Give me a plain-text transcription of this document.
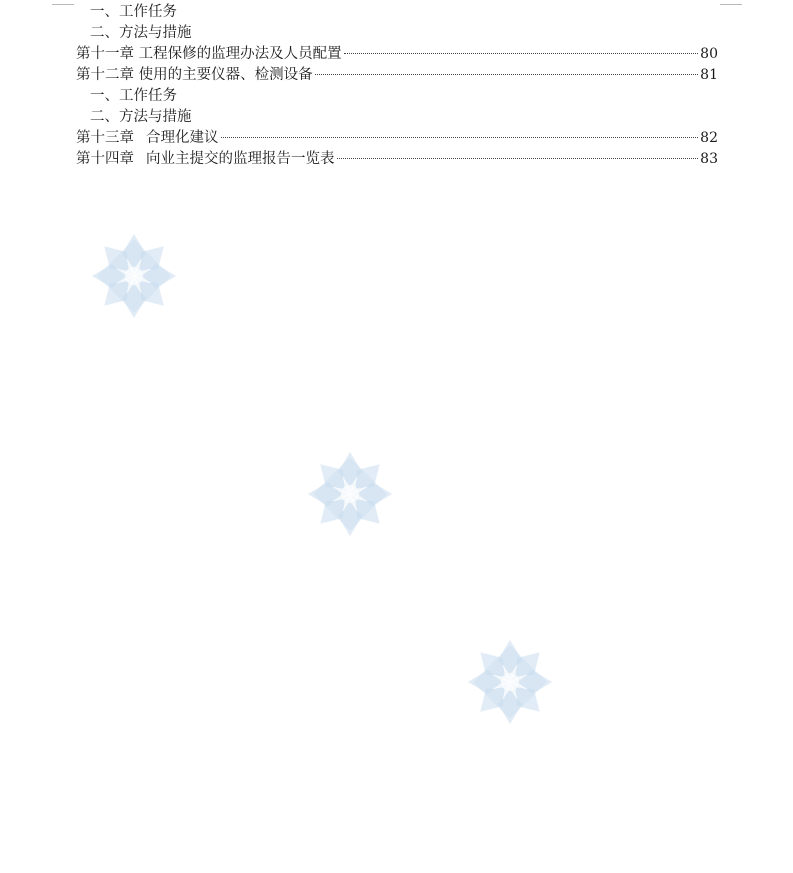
一、工作任务
二、方法与措施
第十一章 工程保修的监理办法及人员配置	80
第十二章 使用的主要仪器、检测设备	81
一、工作任务
二、方法与措施
第十三章 合理化建议	82
第十四章 向业主提交的监理报告一览表	83
